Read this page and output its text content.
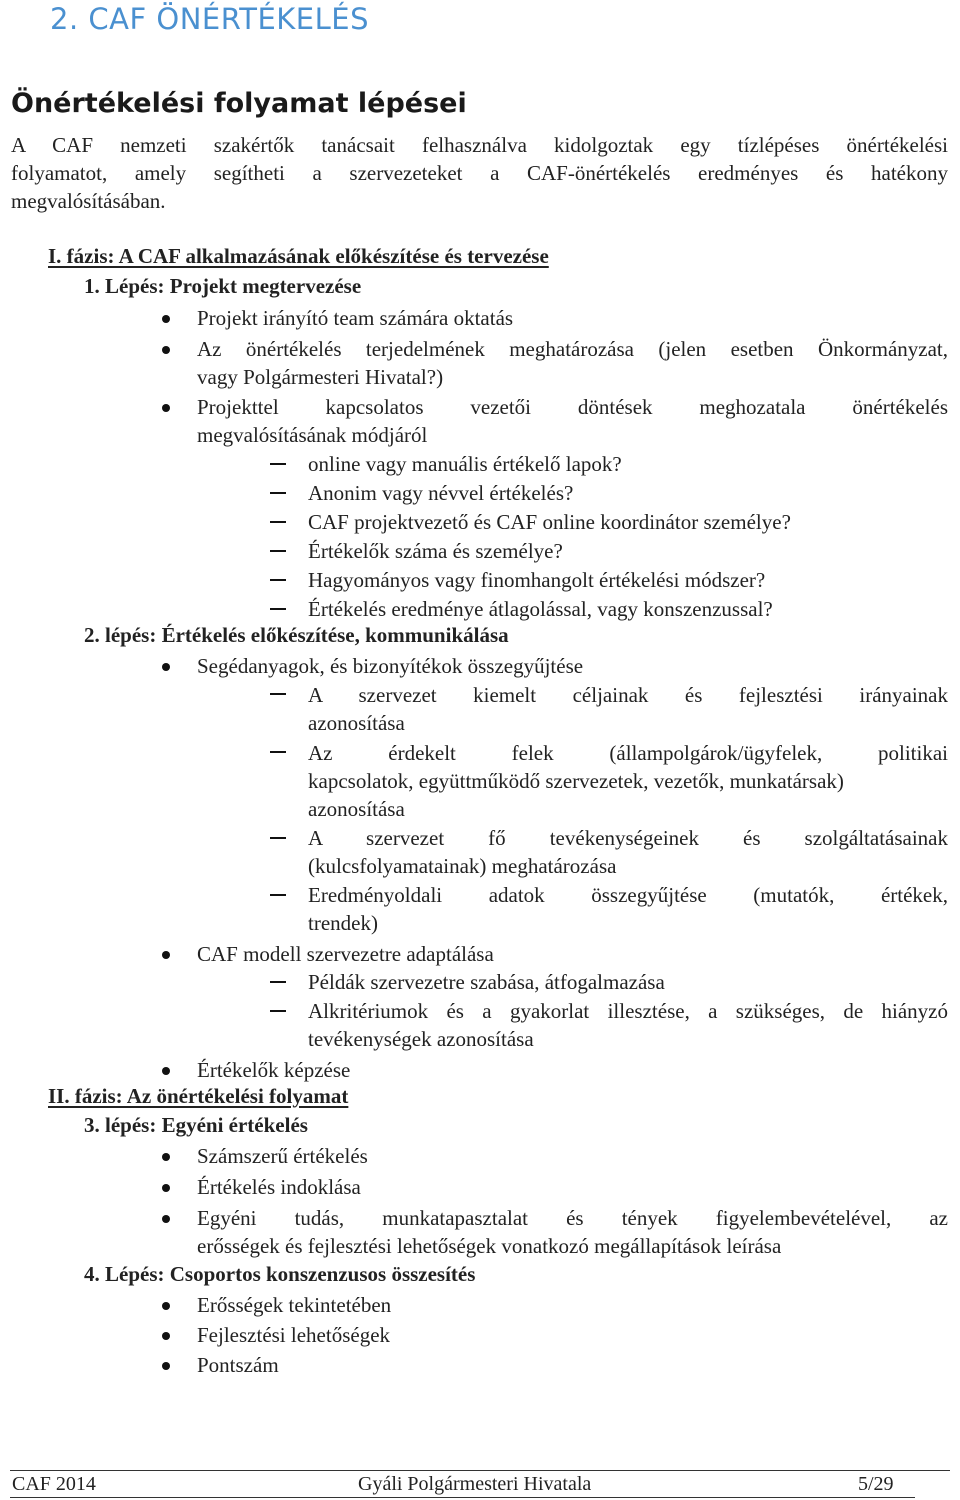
2. CAF ÖNÉRTÉKELÉS
Önértékelési folyamat lépései
A CAF nemzeti szakértők tanácsait felhasználva kidolgoztak egy tízlépéses önértékelési
folyamatot, amely segítheti a szervezeteket a CAF-önértékelés eredményes és hatékony
megvalósításában.
I. fázis: A CAF alkalmazásának előkészítése és tervezése
1. Lépés: Projekt megtervezése
Projekt irányító team számára oktatás
Az önértékelés terjedelmének meghatározása (jelen esetben Önkormányzat,
vagy Polgármesteri Hivatal?)
Projekttel kapcsolatos vezetői döntések meghozatala önértékelés
megvalósításának módjáról
online vagy manuális értékelő lapok?
Anonim vagy névvel értékelés?
CAF projektvezető és CAF online koordinátor személye?
Értékelők száma és személye?
Hagyományos vagy finomhangolt értékelési módszer?
Értékelés eredménye átlagolással, vagy konszenzussal?
2. lépés: Értékelés előkészítése, kommunikálása
Segédanyagok, és bizonyítékok összegyűjtése
A szervezet kiemelt céljainak és fejlesztési irányainak
azonosítása
Az érdekelt felek (állampolgárok/ügyfelek, politikai
kapcsolatok, együttműködő szervezetek, vezetők, munkatársak)
azonosítása
A szervezet fő tevékenységeinek és szolgáltatásainak
(kulcsfolyamatainak) meghatározása
Eredményoldali adatok összegyűjtése (mutatók, értékek,
trendek)
CAF modell szervezetre adaptálása
Példák szervezetre szabása, átfogalmazása
Alkritériumok és a gyakorlat illesztése, a szükséges, de hiányzó
tevékenységek azonosítása
Értékelők képzése
II. fázis: Az önértékelési folyamat
3. lépés: Egyéni értékelés
Számszerű értékelés
Értékelés indoklása
Egyéni tudás, munkatapasztalat és tények figyelembevételével, az
erősségek és fejlesztési lehetőségek vonatkozó megállapítások leírása
4. Lépés: Csoportos konszenzusos összesítés
Erősségek tekintetében
Fejlesztési lehetőségek
Pontszám
CAF 2014	Gyáli Polgármesteri Hivatala	5/29
